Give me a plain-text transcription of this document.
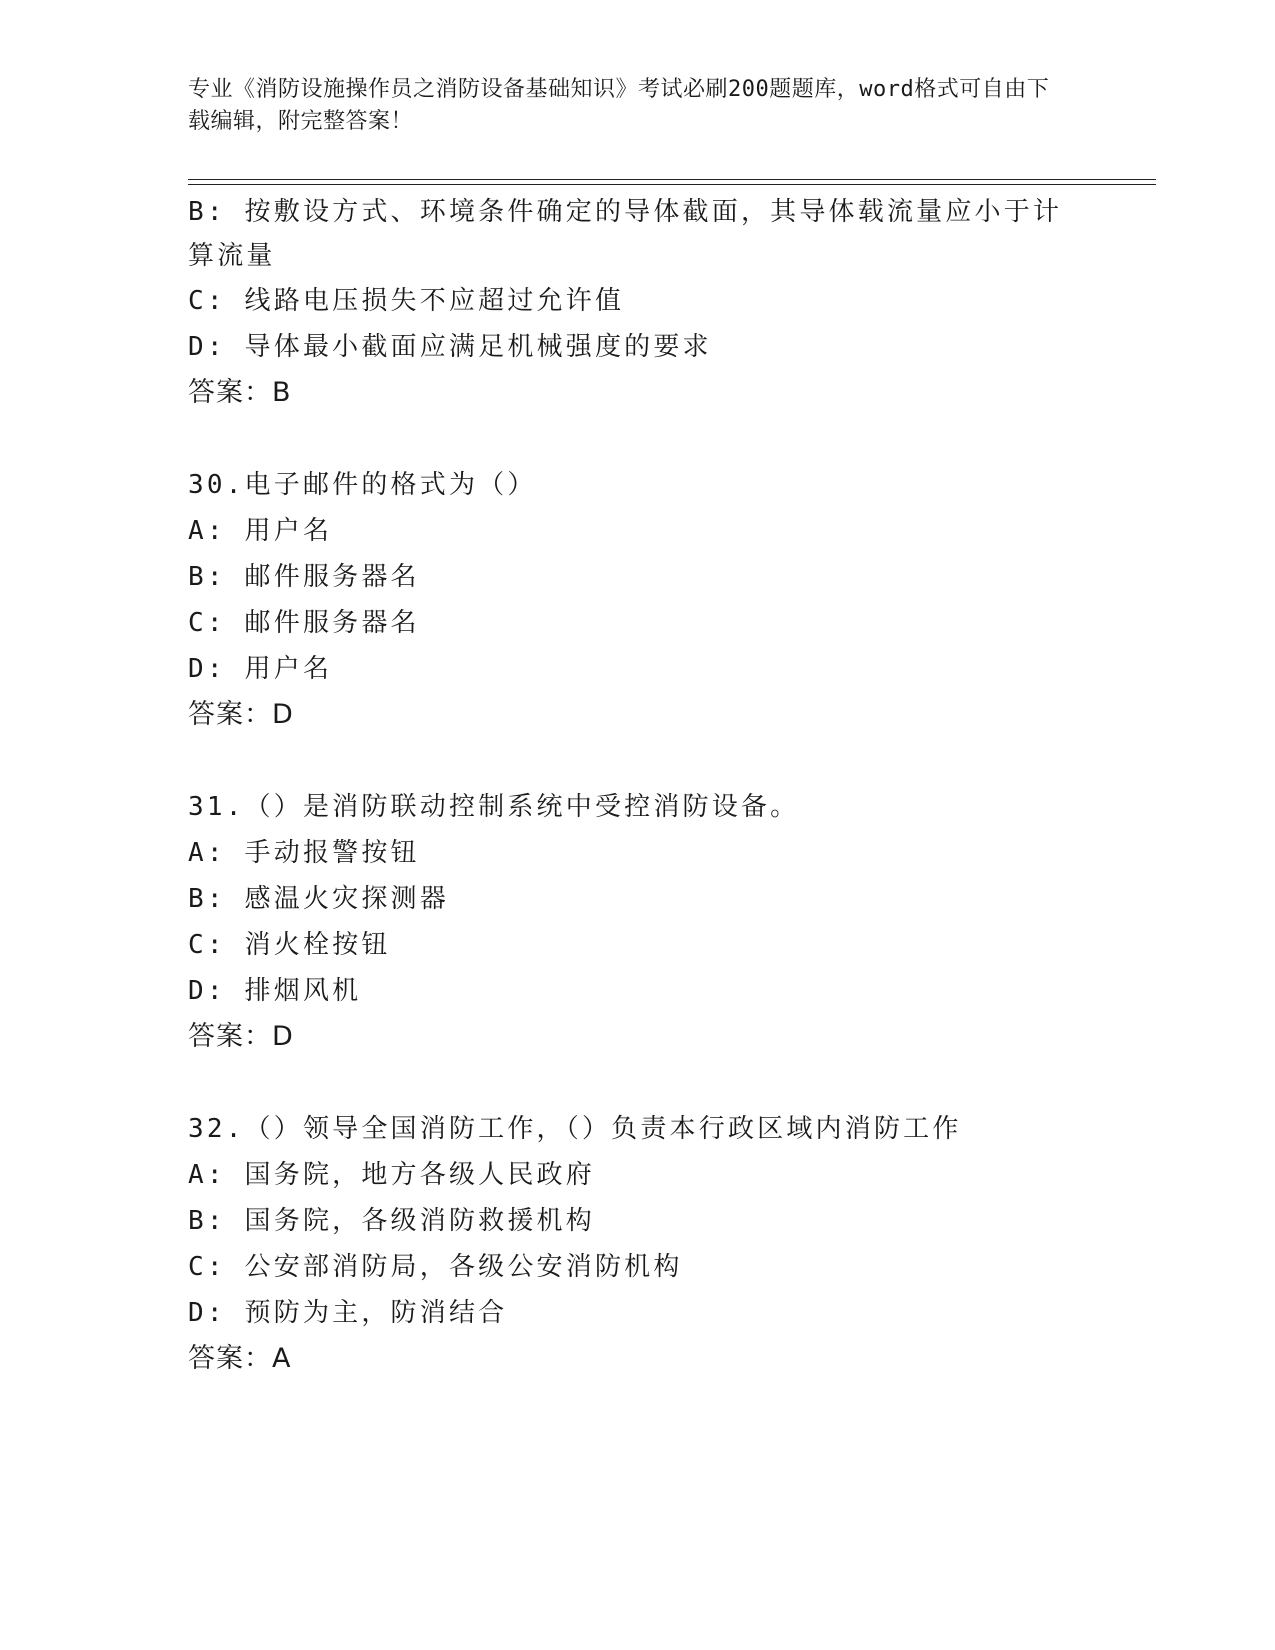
专业《消防设施操作员之消防设备基础知识》考试必刷200题题库，word格式可自由下载编辑，附完整答案！
B: 按敷设方式、环境条件确定的导体截面，其导体载流量应小于计算流量
C: 线路电压损失不应超过允许值
D: 导体最小截面应满足机械强度的要求
答案：B
30.电子邮件的格式为（）
A: 用户名
B: 邮件服务器名
C: 邮件服务器名
D: 用户名
答案：D
31.（）是消防联动控制系统中受控消防设备。
A: 手动报警按钮
B: 感温火灾探测器
C: 消火栓按钮
D: 排烟风机
答案：D
32.（）领导全国消防工作，（）负责本行政区域内消防工作
A: 国务院，地方各级人民政府
B: 国务院，各级消防救援机构
C: 公安部消防局，各级公安消防机构
D: 预防为主，防消结合
答案：A
